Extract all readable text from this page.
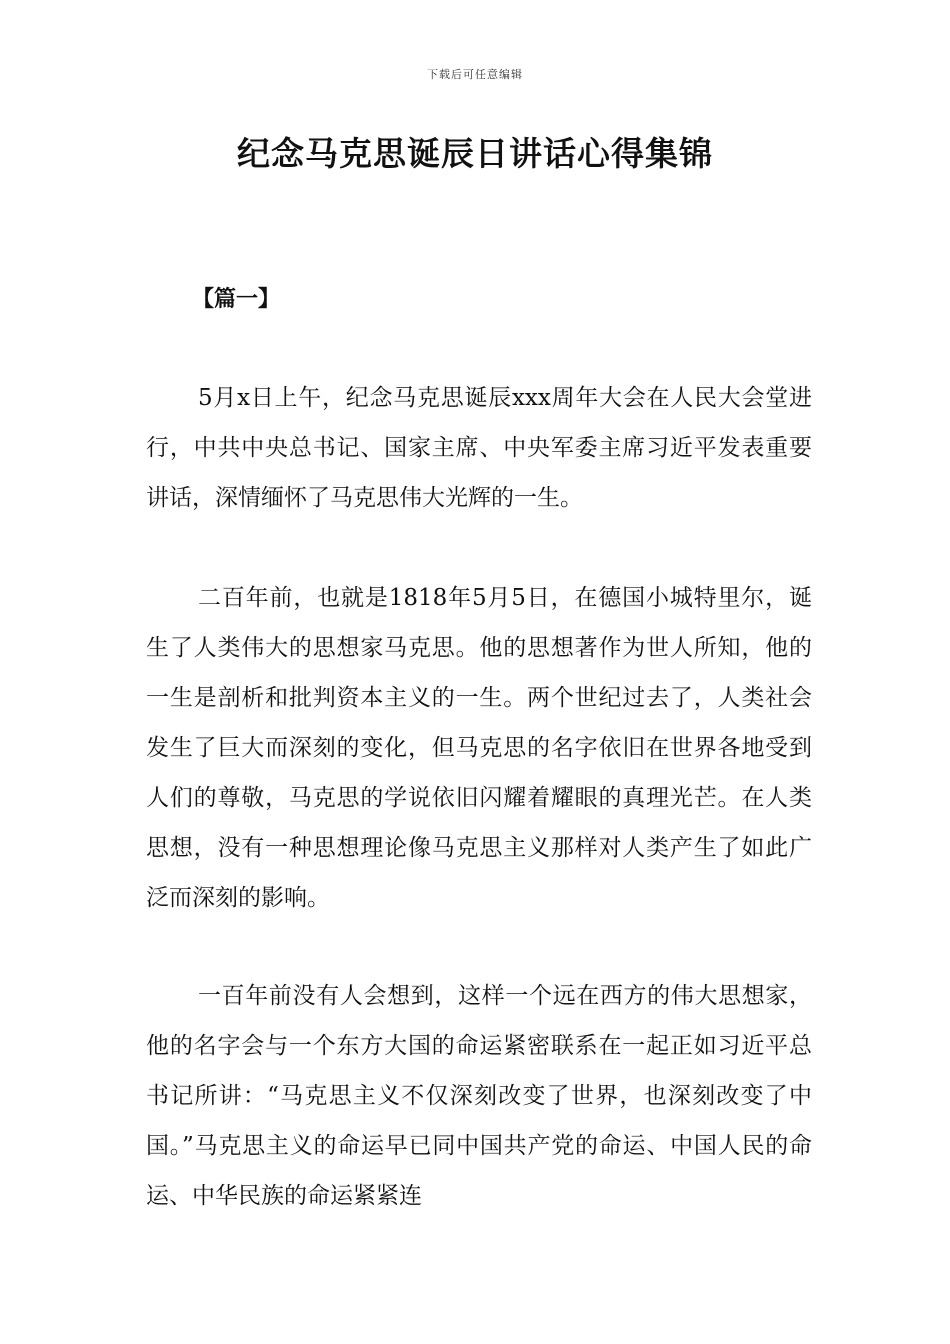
下载后可任意编辑
纪念马克思诞辰日讲话心得集锦
【篇一】

5月x日上午，纪念马克思诞辰xxx周年大会在人民大会堂进行，中共中央总书记、国家主席、中央军委主席习近平发表重要讲话，深情缅怀了马克思伟大光辉的一生。

二百年前，也就是1818年5月5日，在德国小城特里尔，诞生了人类伟大的思想家马克思。他的思想著作为世人所知，他的一生是剖析和批判资本主义的一生。两个世纪过去了，人类社会发生了巨大而深刻的变化，但马克思的名字依旧在世界各地受到人们的尊敬，马克思的学说依旧闪耀着耀眼的真理光芒。在人类思想，没有一种思想理论像马克思主义那样对人类产生了如此广泛而深刻的影响。

一百年前没有人会想到，这样一个远在西方的伟大思想家，他的名字会与一个东方大国的命运紧密联系在一起正如习近平总书记所讲：“马克思主义不仅深刻改变了世界，也深刻改变了中国。”马克思主义的命运早已同中国共产党的命运、中国人民的命运、中华民族的命运紧紧连
